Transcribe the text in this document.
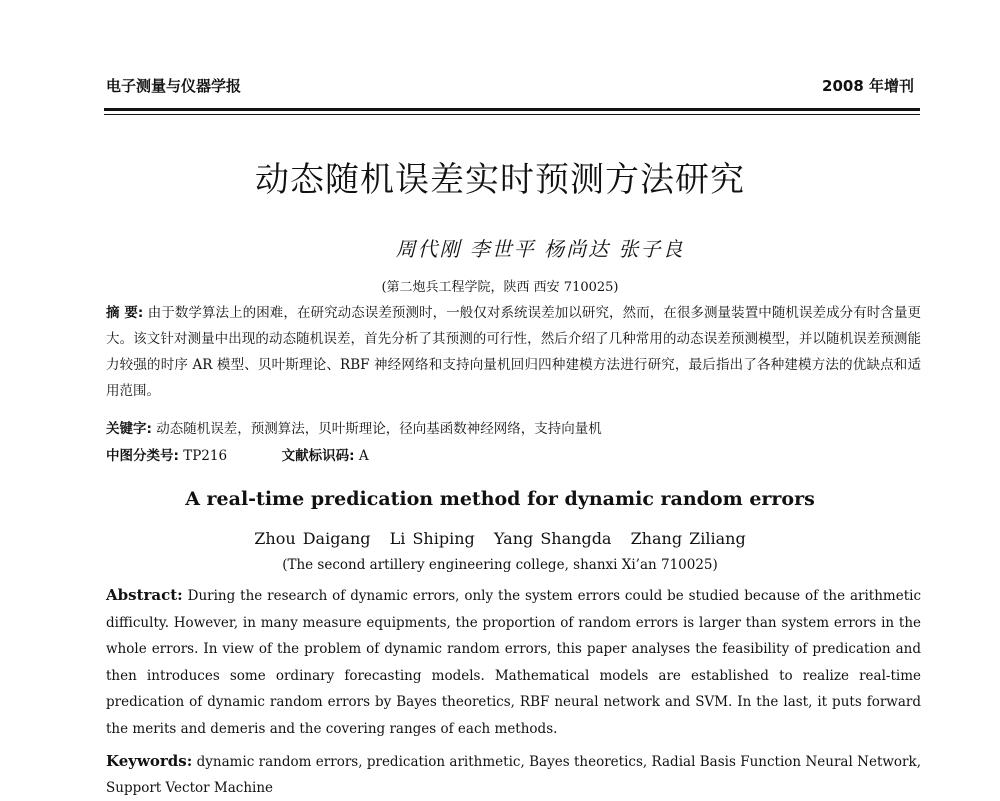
电子测量与仪器学报	2008 年增刊
动态随机误差实时预测方法研究
周代刚 李世平 杨尚达 张子良
(第二炮兵工程学院，陕西 西安 710025)
摘 要: 由于数学算法上的困难，在研究动态误差预测时，一般仅对系统误差加以研究，然而，在很多测量装置中随机误差成分有时含量更大。该文针对测量中出现的动态随机误差，首先分析了其预测的可行性，然后介绍了几种常用的动态误差预测模型，并以随机误差预测能力较强的时序 AR 模型、贝叶斯理论、RBF 神经网络和支持向量机回归四种建模方法进行研究，最后指出了各种建模方法的优缺点和适用范围。
关键字: 动态随机误差，预测算法，贝叶斯理论，径向基函数神经网络，支持向量机
中图分类号: TP216	文献标识码: A
A real-time predication method for dynamic random errors
Zhou Daigang Li Shiping Yang Shangda Zhang Ziliang
(The second artillery engineering college, shanxi Xi’an 710025)
Abstract: During the research of dynamic errors, only the system errors could be studied because of the arithmetic difficulty. However, in many measure equipments, the proportion of random errors is larger than system errors in the whole errors. In view of the problem of dynamic random errors, this paper analyses the feasibility of predication and then introduces some ordinary forecasting models. Mathematical models are established to realize real-time predication of dynamic random errors by Bayes theoretics, RBF neural network and SVM. In the last, it puts forward the merits and demeris and the covering ranges of each methods.
Keywords: dynamic random errors, predication arithmetic, Bayes theoretics, Radial Basis Function Neural Network, Support Vector Machine
